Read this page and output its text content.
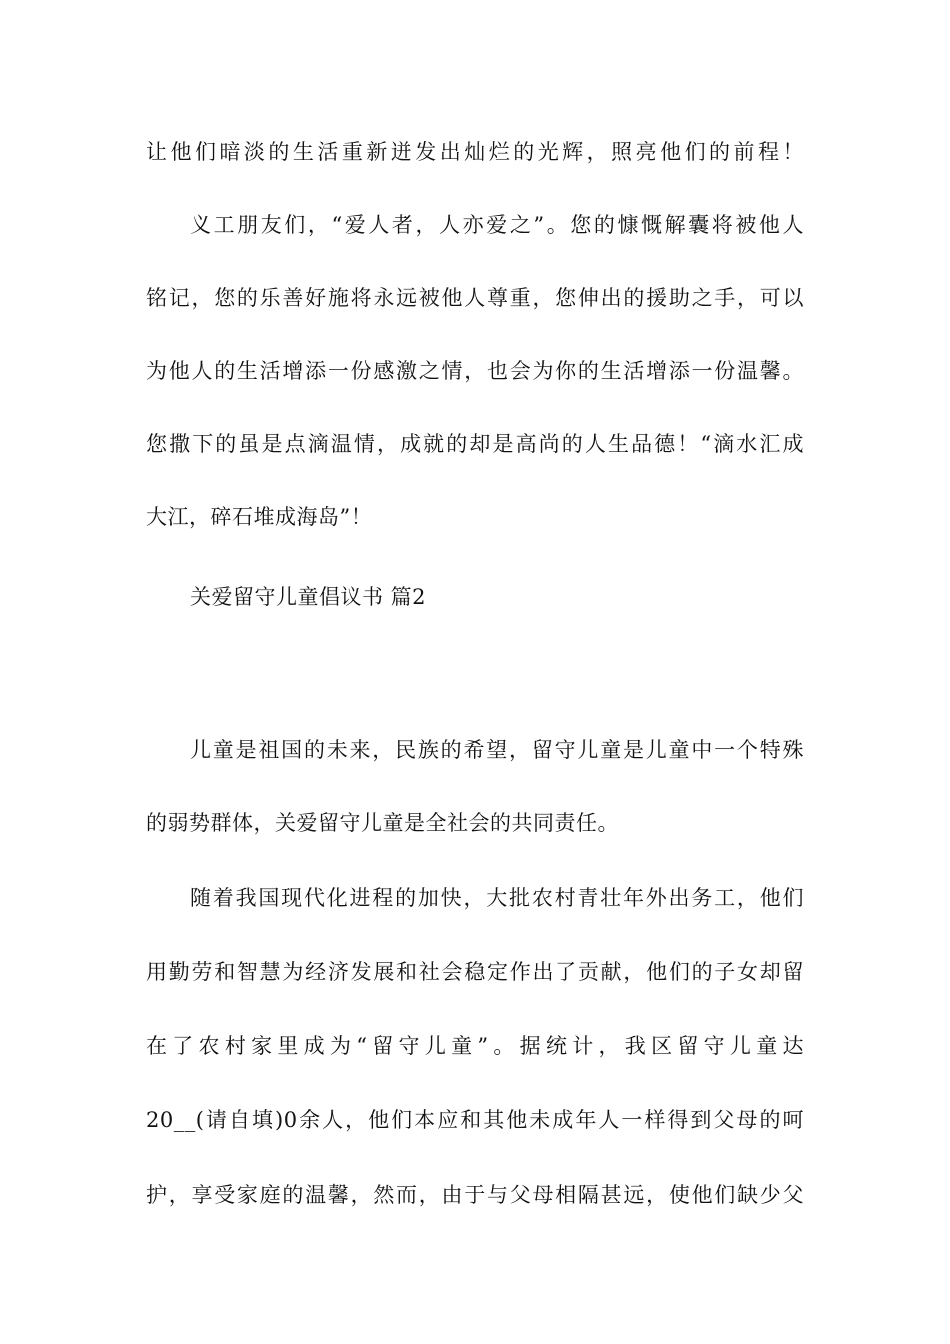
让他们暗淡的生活重新迸发出灿烂的光辉，照亮他们的前程！
义工朋友们，“爱人者，人亦爱之”。您的慷慨解囊将被他人
铭记，您的乐善好施将永远被他人尊重，您伸出的援助之手，可以
为他人的生活增添一份感激之情，也会为你的生活增添一份温馨。
您撒下的虽是点滴温情，成就的却是高尚的人生品德！“滴水汇成
大江，碎石堆成海岛”！
关爱留守儿童倡议书 篇2
儿童是祖国的未来，民族的希望，留守儿童是儿童中一个特殊
的弱势群体，关爱留守儿童是全社会的共同责任。
随着我国现代化进程的加快，大批农村青壮年外出务工，他们
用勤劳和智慧为经济发展和社会稳定作出了贡献，他们的子女却留
在了农村家里成为“留守儿童”。据统计，我区留守儿童达
20__(请自填)0余人，他们本应和其他未成年人一样得到父母的呵
护，享受家庭的温馨，然而，由于与父母相隔甚远，使他们缺少父
